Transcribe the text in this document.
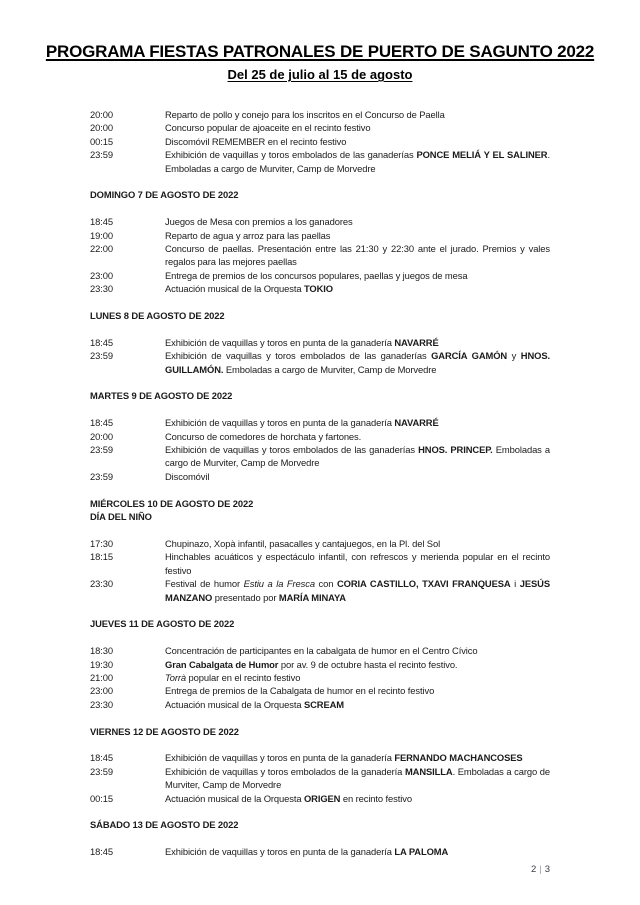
PROGRAMA FIESTAS PATRONALES DE PUERTO DE SAGUNTO 2022
Del 25 de julio al 15 de agosto
20:00	Reparto de pollo y conejo para los inscritos en el Concurso de Paella
20:00	Concurso popular de ajoaceite en el recinto festivo
00:15	Discomóvil REMEMBER en el recinto festivo
23:59	Exhibición de vaquillas y toros embolados de las ganaderías PONCE MELIÁ Y EL SALINER. Emboladas a cargo de Murviter, Camp de Morvedre
DOMINGO 7 DE AGOSTO DE 2022
18:45	Juegos de Mesa con premios a los ganadores
19:00	Reparto de agua y arroz para las paellas
22:00	Concurso de paellas. Presentación entre las 21:30 y 22:30 ante el jurado. Premios y vales regalos para las mejores paellas
23:00	Entrega de premios de los concursos populares, paellas y juegos de mesa
23:30	Actuación musical de la Orquesta TOKIO
LUNES 8 DE AGOSTO DE 2022
18:45	Exhibición de vaquillas y toros en punta de la ganadería NAVARRÉ
23:59	Exhibición de vaquillas y toros embolados de las ganaderías GARCÍA GAMÓN y HNOS. GUILLAMÓN. Emboladas a cargo de Murviter, Camp de Morvedre
MARTES 9 DE AGOSTO DE 2022
18:45	Exhibición de vaquillas y toros en punta de la ganadería NAVARRÉ
20:00	Concurso de comedores de horchata y fartones.
23:59	Exhibición de vaquillas y toros embolados de las ganaderías HNOS. PRINCEP. Emboladas a cargo de Murviter, Camp de Morvedre
23:59	Discomóvil
MIÉRCOLES 10 DE AGOSTO DE 2022
DÍA DEL NIÑO
17:30	Chupinazo, Xopà infantil, pasacalles y cantajuegos, en la Pl. del Sol
18:15	Hinchables acuáticos y espectáculo infantil, con refrescos y merienda popular en el recinto festivo
23:30	Festival de humor Estiu a la Fresca con CORIA CASTILLO, TXAVI FRANQUESA i JESÚS MANZANO presentado por MARÍA MINAYA
JUEVES 11 DE AGOSTO DE 2022
18:30	Concentración de participantes en la cabalgata de humor en el Centro Cívico
19:30	Gran Cabalgata de Humor por av. 9 de octubre hasta el recinto festivo.
21:00	Torrà popular en el recinto festivo
23:00	Entrega de premios de la Cabalgata de humor en el recinto festivo
23:30	Actuación musical de la Orquesta SCREAM
VIERNES 12 DE AGOSTO DE 2022
18:45	Exhibición de vaquillas y toros en punta de la ganadería FERNANDO MACHANCOSES
23:59	Exhibición de vaquillas y toros embolados de la ganadería MANSILLA. Emboladas a cargo de Murviter, Camp de Morvedre
00:15	Actuación musical de la Orquesta ORIGEN en recinto festivo
SÁBADO 13 DE AGOSTO DE 2022
18:45	Exhibición de vaquillas y toros en punta de la ganadería LA PALOMA
2 | 3
